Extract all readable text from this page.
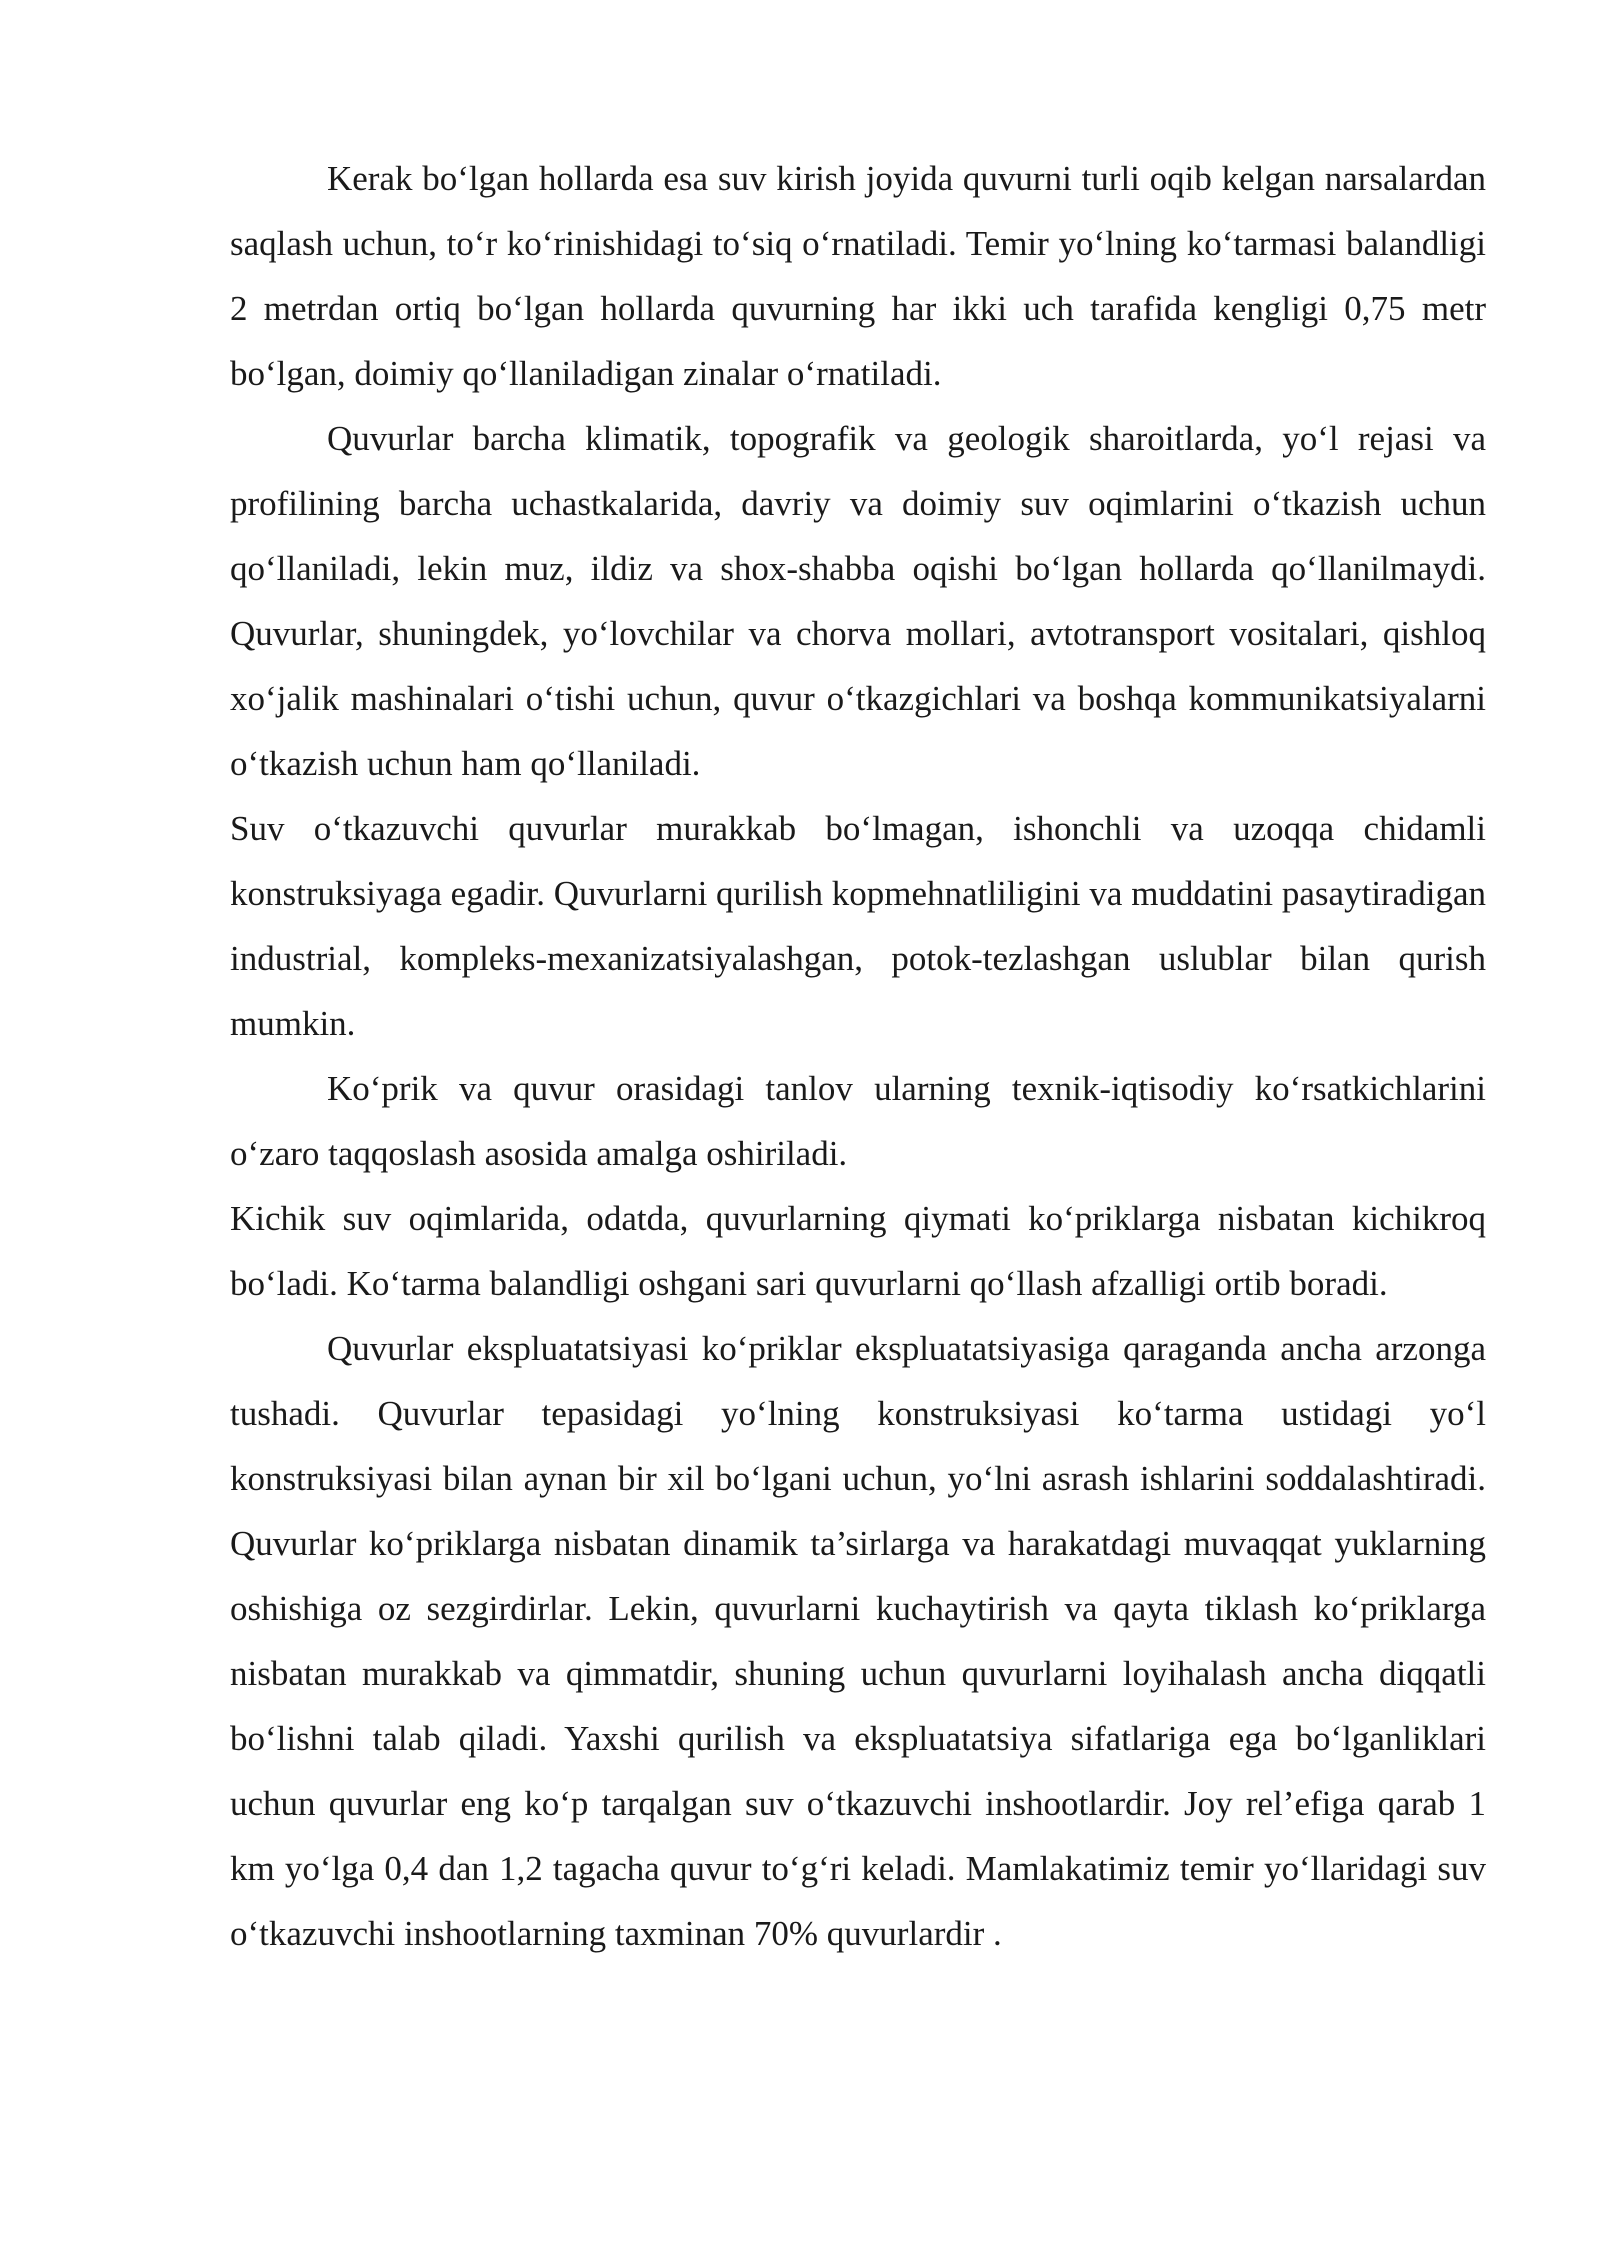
Kerak bo‘lgan hollarda esa suv kirish joyida quvurni turli oqib kelgan narsalardan saqlash uchun, to‘r ko‘rinishidagi to‘siq o‘rnatiladi. Temir yo‘lning ko‘tarmasi balandligi 2 metrdan ortiq bo‘lgan hollarda quvurning har ikki uch tarafida kengligi 0,75 metr bo‘lgan, doimiy qo‘llaniladigan zinalar o‘rnatiladi.

Quvurlar barcha klimatik, topografik va geologik sharoitlarda, yo‘l rejasi va profilining barcha uchastkalarida, davriy va doimiy suv oqimlarini o‘tkazish uchun qo‘llaniladi, lekin muz, ildiz va shox-shabba oqishi bo‘lgan hollarda qo‘llanilmaydi. Quvurlar, shuningdek, yo‘lovchilar va chorva mollari, avtotransport vositalari, qishloq xo‘jalik mashinalari o‘tishi uchun, quvur o‘tkazgichlari va boshqa kommunikatsiyalarni o‘tkazish uchun ham qo‘llaniladi.

Suv o‘tkazuvchi quvurlar murakkab bo‘lmagan, ishonchli va uzoqqa chidamli konstruksiyaga egadir. Quvurlarni qurilish kopmehnatliligini va muddatini pasaytiradigan industrial, kompleks-mexanizatsiyalashgan, potok-tezlashgan uslublar bilan qurish mumkin.

Ko‘prik va quvur orasidagi tanlov ularning texnik-iqtisodiy ko‘rsatkichlarini o‘zaro taqqoslash asosida amalga oshiriladi.

Kichik suv oqimlarida, odatda, quvurlarning qiymati ko‘priklarga nisbatan kichikroq bo‘ladi. Ko‘tarma balandligi oshgani sari quvurlarni qo‘llash afzalligi ortib boradi.

Quvurlar ekspluatatsiyasi ko‘priklar ekspluatatsiyasiga qaraganda ancha arzonga tushadi. Quvurlar tepasidagi yo‘lning konstruksiyasi ko‘tarma ustidagi yo‘l konstruksiyasi bilan aynan bir xil bo‘lgani uchun, yo‘lni asrash ishlarini soddalashtiradi. Quvurlar ko‘priklarga nisbatan dinamik ta’sirlarga va harakatdagi muvaqqat yuklarning oshishiga oz sezgirdirlar. Lekin, quvurlarni kuchaytirish va qayta tiklash ko‘priklarga nisbatan murakkab va qimmatdir, shuning uchun quvurlarni loyihalash ancha diqqatli bo‘lishni talab qiladi. Yaxshi qurilish va ekspluatatsiya sifatlariga ega bo‘lganliklari uchun quvurlar eng ko‘p tarqalgan suv o‘tkazuvchi inshootlardir. Joy rel’efiga qarab 1 km yo‘lga 0,4 dan 1,2 tagacha quvur to‘g‘ri keladi. Mamlakatimiz temir yo‘llaridagi suv o‘tkazuvchi inshootlarning taxminan 70% quvurlardir .
